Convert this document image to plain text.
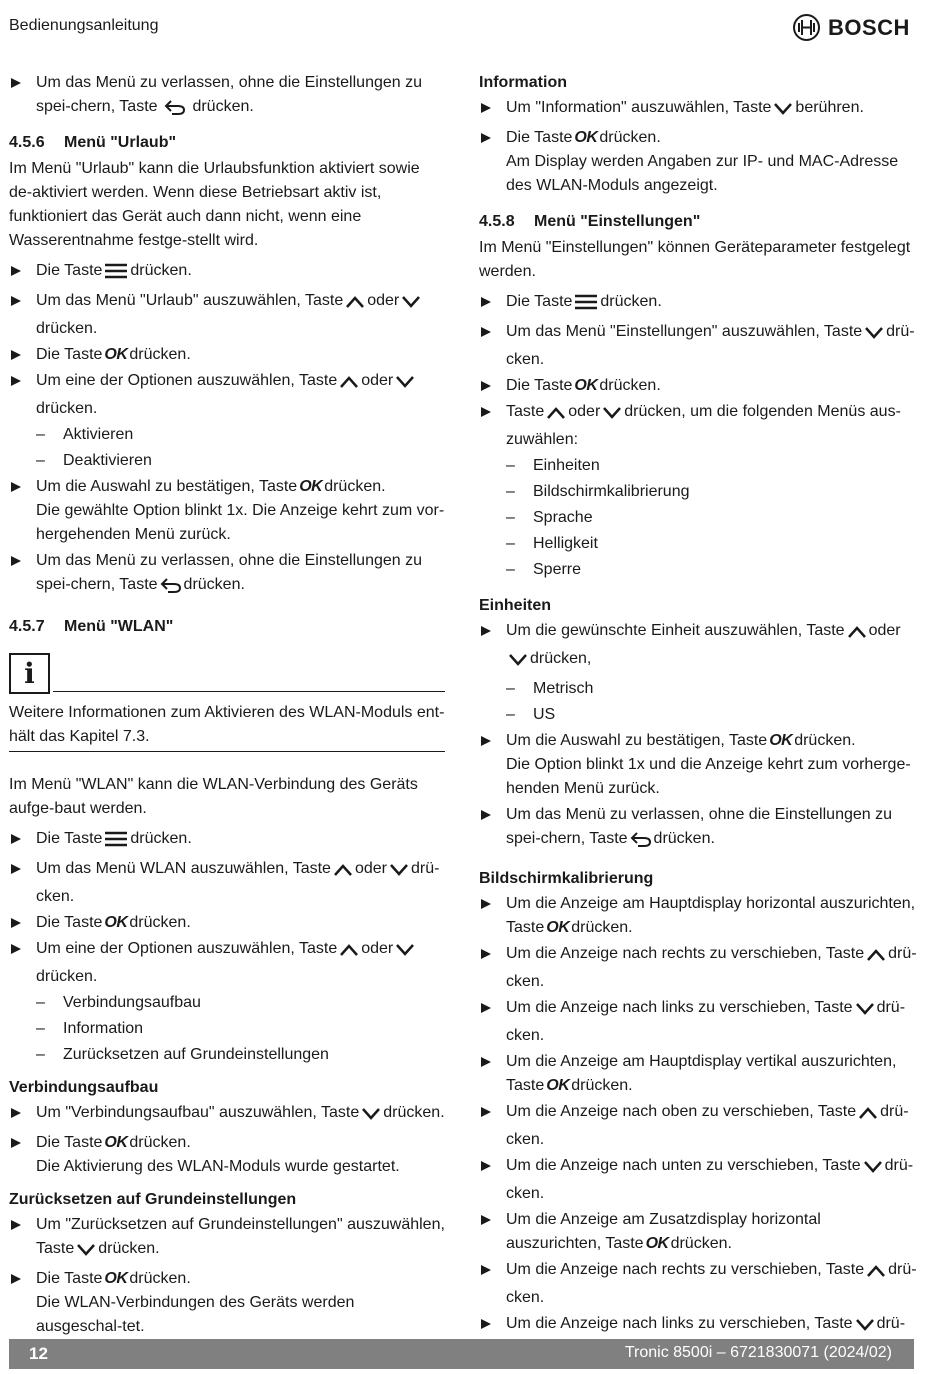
Bedienungsanleitung	BOSCH
Um das Menü zu verlassen, ohne die Einstellungen zu spei-chern, Taste drücken.
4.5.6 Menü "Urlaub"

Im Menü "Urlaub" kann die Urlaubsfunktion aktiviert sowie de-aktiviert werden. Wenn diese Betriebsart aktiv ist, funktioniert das Gerät auch dann nicht, wenn eine Wasserentnahme festge-stellt wird.

Die Taste drücken.
Um das Menü "Urlaub" auszuwählen, Taste oderdrücken.
Die Taste OK drücken.
Um eine der Optionen auszuwählen, Taste oderdrücken.
– Aktivieren
– Deaktivieren
Um die Auswahl zu bestätigen, Taste OK drücken.
Die gewählte Option blinkt 1x. Die Anzeige kehrt zum vor-hergehenden Menü zurück.
Um das Menü zu verlassen, ohne die Einstellungen zu spei-chern, Taste drücken.
4.5.7 Menü "WLAN"
i
Weitere Informationen zum Aktivieren des WLAN-Moduls ent-hält das Kapitel 7.3.

Im Menü "WLAN" kann die WLAN-Verbindung des Geräts aufge-baut werden.

Die Taste drücken.
Um das Menü WLAN auszuwählen, Taste oder drü-cken.
Die Taste OK drücken.
Um eine der Optionen auszuwählen, Taste oderdrücken.
– Verbindungsaufbau
– Information
– Zurücksetzen auf Grundeinstellungen
Verbindungsaufbau
Um "Verbindungsaufbau" auszuwählen, Taste drücken.
Die Taste OK drücken.
Die Aktivierung des WLAN-Moduls wurde gestartet.
Zurücksetzen auf Grundeinstellungen
Um "Zurücksetzen auf Grundeinstellungen" auszuwählen, Taste drücken.
Die Taste OK drücken.
Die WLAN-Verbindungen des Geräts werden ausgeschal-tet.
Information
Um "Information" auszuwählen, Taste berühren.
Die Taste OK drücken.
Am Display werden Angaben zur IP- und MAC-Adresse des WLAN-Moduls angezeigt.
4.5.8 Menü "Einstellungen"

Im Menü "Einstellungen" können Geräteparameter festgelegt werden.

Die Taste drücken.
Um das Menü "Einstellungen" auszuwählen, Taste drü-cken.
Die Taste OK drücken.
Taste oder drücken, um die folgenden Menüs aus-zuwählen:
– Einheiten
– Bildschirmkalibrierung
– Sprache
– Helligkeit
– Sperre
Einheiten
Um die gewünschte Einheit auszuwählen, Taste oderdrücken,
– Metrisch
– US
Um die Auswahl zu bestätigen, Taste OK drücken.
Die Option blinkt 1x und die Anzeige kehrt zum vorherge-henden Menü zurück.
Um das Menü zu verlassen, ohne die Einstellungen zu spei-chern, Taste drücken.
Bildschirmkalibrierung
Um die Anzeige am Hauptdisplay horizontal auszurichten, Taste OK drücken.
Um die Anzeige nach rechts zu verschieben, Taste drü-cken.
Um die Anzeige nach links zu verschieben, Taste drü-cken.
Um die Anzeige am Hauptdisplay vertikal auszurichten, Taste OK drücken.
Um die Anzeige nach oben zu verschieben, Taste drü-cken.
Um die Anzeige nach unten zu verschieben, Taste drü-cken.
Um die Anzeige am Zusatzdisplay horizontal auszurichten, Taste OK drücken.
Um die Anzeige nach rechts zu verschieben, Taste drü-cken.
Um die Anzeige nach links zu verschieben, Taste drü-
12	Tronic 8500i – 6721830071 (2024/02)
